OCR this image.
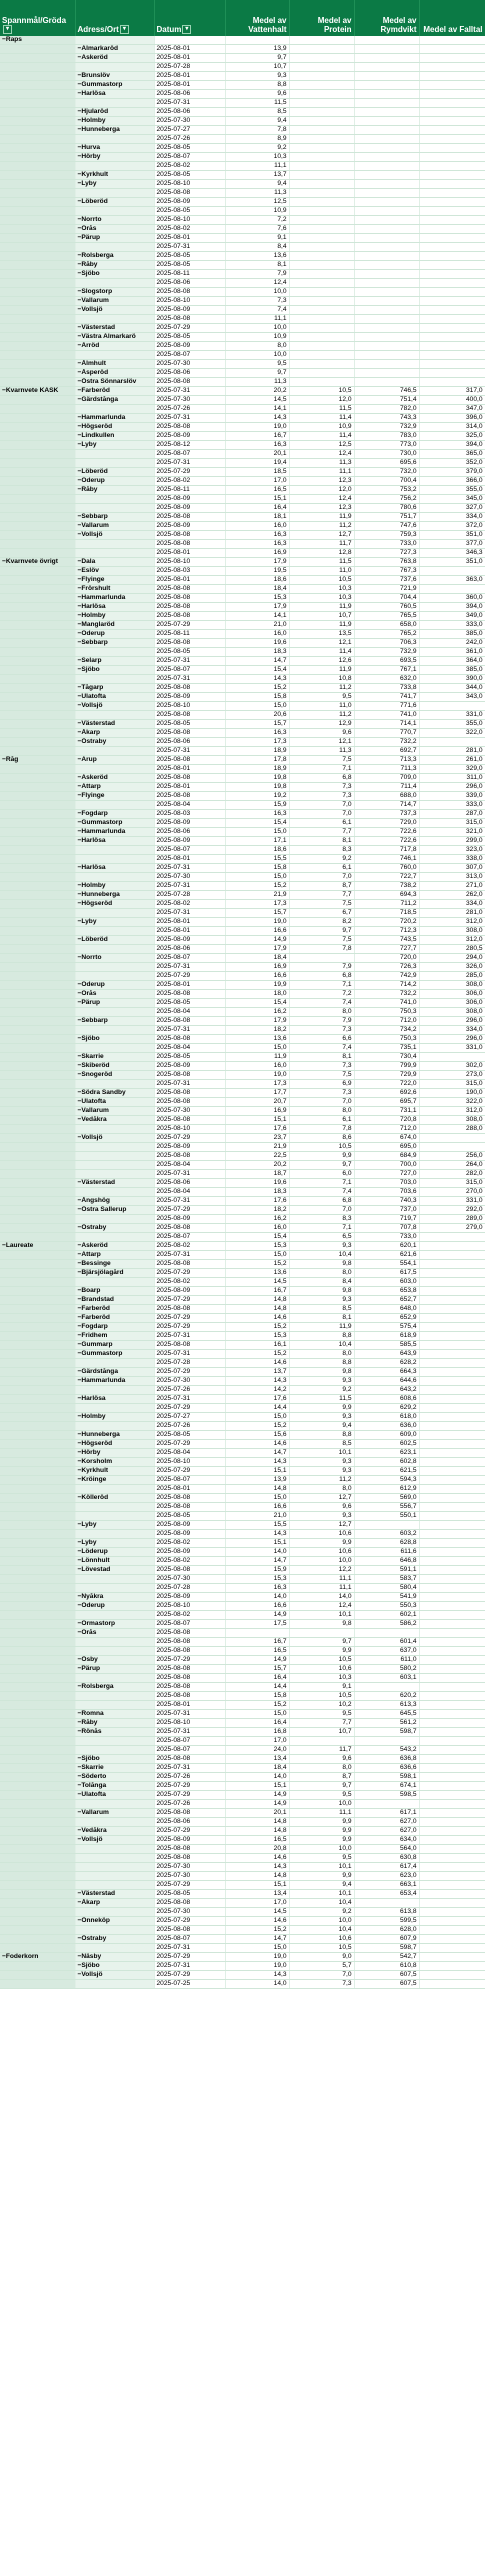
Spannmål/Gröda▾	Adress/Ort ▾	Datum ▾	Medel av Vattenhalt	Medel av Protein	Medel av Rymdvikt	Medel av Falltal
−Raps						
	−Almarkaröd	2025-08-01	13,9			
	−Askeröd	2025-08-01	9,7			
		2025-07-28	10,7			
	−Brunslöv	2025-08-01	9,3			
	−Gummastorp	2025-08-01	8,8			
	−Harlösa	2025-08-06	9,6			
		2025-07-31	11,5			
	−Hjularöd	2025-08-06	8,5			
	−Holmby	2025-07-30	9,4			
	−Hunneberga	2025-07-27	7,8			
		2025-07-26	8,9			
	−Hurva	2025-08-05	9,2			
	−Hörby	2025-08-07	10,3			
		2025-08-02	11,1			
	−Kyrkhult	2025-08-05	13,7			
	−Lyby	2025-08-10	9,4			
		2025-08-08	11,3			
	−Löberöd	2025-08-09	12,5			
		2025-08-05	10,9			
	−Norrto	2025-08-10	7,2			
	−Orås	2025-08-02	7,6			
	−Pärup	2025-08-01	9,1			
		2025-07-31	8,4			
	−Rolsberga	2025-08-05	13,6			
	−Råby	2025-08-05	8,1			
	−Sjöbo	2025-08-11	7,9			
		2025-08-06	12,4			
	−Slogstorp	2025-08-08	10,0			
	−Vallarum	2025-08-10	7,3			
	−Vollsjö	2025-08-09	7,4			
		2025-08-08	11,1			
	−Västerstad	2025-07-29	10,0			
	−Västra Almarkarö	2025-08-05	10,9			
	−Ärröd	2025-08-09	8,0			
		2025-08-07	10,0			
	−Ålmhult	2025-07-30	9,5			
	−Åsperöd	2025-08-06	9,7			
	−Östra Sönnarslöv	2025-08-08	11,3			
−Kvarnvete KASK	−Farberöd	2025-07-31	20,2	10,5	746,5	317,0
	−Gärdstånga	2025-07-30	14,5	12,0	751,4	400,0
		2025-07-26	14,1	11,5	782,0	347,0
	−Hammarlunda	2025-07-31	14,3	11,4	743,3	396,0
	−Högseröd	2025-08-08	19,0	10,9	732,9	314,0
	−Lindkullen	2025-08-09	16,7	11,4	783,0	325,0
	−Lyby	2025-08-12	16,3	12,5	773,0	394,0
		2025-08-07	20,1	12,4	730,0	365,0
		2025-07-31	19,4	11,3	695,6	352,0
	−Löberöd	2025-07-29	18,5	11,1	732,0	379,0
	−Oderup	2025-08-02	17,0	12,3	700,4	366,0
	−Råby	2025-08-11	16,5	12,0	753,2	355,0
		2025-08-09	15,1	12,4	756,2	345,0
		2025-08-09	16,4	12,3	780,6	327,0
	−Sebbarp	2025-08-08	18,1	11,9	751,7	334,0
	−Vallarum	2025-08-09	16,0	11,2	747,6	372,0
	−Vollsjö	2025-08-08	16,3	12,7	759,3	351,0
		2025-08-08	16,3	11,7	733,0	377,0
		2025-08-01	16,9	12,8	727,3	346,3
−Kvarnvete övrigt	−Dala	2025-08-10	17,9	11,5	763,8	351,0
	−Eslöv	2025-08-03	19,5	11,0	767,3	
	−Flyinge	2025-08-01	18,6	10,5	737,6	363,0
	−Frörshult	2025-08-08	18,4	10,3	721,9	
	−Hammarlunda	2025-08-08	15,3	10,3	704,4	360,0
	−Harlösa	2025-08-08	17,9	11,9	760,5	394,0
	−Holmby	2025-08-08	14,1	10,7	765,5	349,0
	−Manglaröd	2025-07-29	21,0	11,9	658,0	333,0
	−Oderup	2025-08-11	16,0	13,5	765,2	385,0
	−Sebbarp	2025-08-08	19,6	12,1	706,3	242,0
		2025-08-05	18,3	11,4	732,9	361,0
	−Selarp	2025-07-31	14,7	12,6	693,5	364,0
	−Sjöbo	2025-08-07	15,4	11,9	767,1	385,0
		2025-07-31	14,3	10,8	632,0	390,0
	−Tågarp	2025-08-08	15,2	11,2	733,8	344,0
	−Ulatofta	2025-08-09	15,8	9,5	741,7	343,0
	−Vollsjö	2025-08-10	15,0	11,0	771,6	
		2025-08-08	20,6	11,2	741,0	331,0
	−Västerstad	2025-08-05	15,7	12,9	714,1	355,0
	−Åkarp	2025-08-08	16,3	9,6	770,7	322,0
	−Östraby	2025-08-06	17,3	12,1	732,2	
		2025-07-31	18,9	11,3	692,7	281,0
−Råg	−Arup	2025-08-08	17,8	7,5	713,3	261,0
		2025-08-01	18,9	7,1	711,3	329,0
	−Askeröd	2025-08-08	19,8	6,8	709,0	311,0
	−Attarp	2025-08-01	19,8	7,3	711,4	296,0
	−Flyinge	2025-08-08	19,2	7,3	688,0	339,0
		2025-08-04	15,9	7,0	714,7	333,0
	−Fogdarp	2025-08-03	16,3	7,0	737,3	287,0
	−Gummastorp	2025-08-09	15,4	6,1	729,0	315,0
	−Hammarlunda	2025-08-06	15,0	7,7	722,6	321,0
	−Harlösa	2025-08-09	17,1	8,1	722,6	299,0
		2025-08-07	18,6	8,3	717,8	323,0
		2025-08-01	15,5	9,2	746,1	338,0
	−Harlösa	2025-07-31	15,8	6,1	760,0	307,0
		2025-07-30	15,0	7,0	722,7	313,0
	−Holmby	2025-07-31	15,2	8,7	738,2	271,0
	−Hunneberga	2025-07-28	21,9	7,7	694,3	262,0
	−Högseröd	2025-08-02	17,3	7,5	711,2	334,0
		2025-07-31	15,7	6,7	718,5	281,0
	−Lyby	2025-08-01	19,0	8,2	720,2	312,0
		2025-08-01	16,6	9,7	712,3	308,0
	−Löberöd	2025-08-09	14,9	7,5	743,5	312,0
		2025-08-06	17,9	7,8	727,7	280,5
	−Norrto	2025-08-07	18,4		720,0	294,0
		2025-07-31	16,9	7,9	726,3	326,0
		2025-07-29	16,6	6,8	742,9	285,0
	−Oderup	2025-08-01	19,9	7,1	714,2	308,0
	−Orås	2025-08-08	18,0	7,2	732,2	306,0
	−Pärup	2025-08-05	15,4	7,4	741,0	306,0
		2025-08-04	16,2	8,0	750,3	308,0
	−Sebbarp	2025-08-08	17,9	7,9	712,0	296,0
		2025-07-31	18,2	7,3	734,2	334,0
	−Sjöbo	2025-08-08	13,6	6,6	750,3	296,0
		2025-08-04	15,0	7,4	735,1	331,0
	−Skarrie	2025-08-05	11,9	8,1	730,4	
	−Skiberöd	2025-08-09	16,0	7,3	799,9	302,0
	−Snogeröd	2025-08-08	19,0	7,5	729,9	273,0
		2025-07-31	17,3	6,9	722,0	315,0
	−Södra Sandby	2025-08-08	17,7	7,3	692,6	190,0
	−Ulatofta	2025-08-08	20,7	7,0	695,7	322,0
	−Vallarum	2025-07-30	16,9	8,0	731,1	312,0
	−Vedåkra	2025-08-08	15,1	6,1	720,8	308,0
		2025-08-10	17,6	7,8	712,0	288,0
	−Vollsjö	2025-07-29	23,7	8,6	674,0	
		2025-08-09	21,9	10,5	695,0	
		2025-08-08	22,5	9,9	684,9	256,0
		2025-08-04	20,2	9,7	700,0	264,0
		2025-07-31	18,7	6,0	727,0	282,0
	−Västerstad	2025-08-06	19,6	7,1	703,0	315,0
		2025-08-04	18,3	7,4	703,6	270,0
	−Ångshög	2025-07-31	17,6	6,8	740,3	331,0
	−Östra Sallerup	2025-07-29	18,2	7,0	737,0	292,0
		2025-08-09	16,2	8,3	719,7	289,0
	−Östraby	2025-08-08	16,0	7,1	707,8	279,0
		2025-08-07	15,4	6,5	733,0	
−Laureate	−Askeröd	2025-08-02	15,3	9,3	620,1	
	−Attarp	2025-07-31	15,0	10,4	621,6	
	−Bessinge	2025-08-08	15,2	9,8	554,1	
	−Bjärsjölagård	2025-07-29	13,6	8,0	617,5	
		2025-08-02	14,5	8,4	603,0	
	−Boarp	2025-08-09	16,7	9,8	653,8	
	−Brandstad	2025-07-29	14,8	9,3	652,7	
	−Farberöd	2025-08-08	14,8	8,5	648,0	
	−Farberöd	2025-07-29	14,6	8,1	652,9	
	−Fogdarp	2025-07-29	15,2	11,9	575,4	
	−Fridhem	2025-07-31	15,3	8,8	618,9	
	−Gummarp	2025-08-08	16,1	10,4	585,5	
	−Gummastorp	2025-07-31	15,2	8,0	643,9	
		2025-07-28	14,6	8,8	628,2	
	−Gärdstånga	2025-07-29	13,7	9,8	664,3	
	−Hammarlunda	2025-07-30	14,3	9,3	644,6	
		2025-07-26	14,2	9,2	643,2	
	−Harlösa	2025-07-31	17,6	11,5	608,6	
		2025-07-29	14,4	9,9	629,2	
	−Holmby	2025-07-27	15,0	9,3	618,0	
		2025-07-26	15,2	9,4	636,0	
	−Hunneberga	2025-08-05	15,6	8,8	609,0	
	−Högseröd	2025-07-29	14,6	8,5	602,5	
	−Hörby	2025-08-04	14,7	10,1	623,1	
	−Korsholm	2025-08-10	14,3	9,3	602,8	
	−Kyrkhult	2025-07-29	15,1	9,3	621,5	
	−Kröinge	2025-08-07	13,9	11,2	594,3	
		2025-08-01	14,8	8,0	612,9	
	−Kölleröd	2025-08-08	15,0	12,7	569,0	
		2025-08-08	16,6	9,6	556,7	
		2025-08-05	21,0	9,3	550,1	
	−Lyby	2025-08-09	15,5	12,7		
		2025-08-09	14,3	10,6	603,2	
	−Lyby	2025-08-02	15,1	9,9	628,8	
	−Löderup	2025-08-09	14,0	10,6	611,6	
	−Lönnhult	2025-08-02	14,7	10,0	646,8	
	−Lövestad	2025-08-08	15,9	12,2	591,1	
		2025-07-30	15,3	11,1	583,7	
		2025-07-28	16,3	11,1	580,4	
	−Nyåkra	2025-08-09	14,0	14,0	541,9	
	−Oderup	2025-08-10	16,6	12,4	550,3	
		2025-08-02	14,9	10,1	602,1	
	−Ormastorp	2025-08-07	17,5	9,8	586,2	
	−Orås	2025-08-08				
		2025-08-08	16,7	9,7	601,4	
		2025-08-08	16,5	9,9	637,0	
	−Ösby	2025-07-29	14,9	10,5	611,0	
	−Pärup	2025-08-08	15,7	10,6	580,2	
		2025-08-08	16,4	10,3	603,1	
	−Rolsberga	2025-08-08	14,4	9,1		
		2025-08-08	15,8	10,5	620,2	
		2025-08-01	15,2	10,2	613,3	
	−Romna	2025-07-31	15,0	9,5	645,5	
	−Råby	2025-08-10	16,4	7,7	561,2	
	−Rönås	2025-07-31	16,8	10,7	598,7	
		2025-08-07	17,0			
		2025-08-07	24,0	11,7	543,2	
	−Sjöbo	2025-08-08	13,4	9,6	636,8	
	−Skarrie	2025-07-31	18,4	8,0	636,6	
	−Söderto	2025-07-26	14,0	8,7	598,1	
	−Tolånga	2025-07-29	15,1	9,7	674,1	
	−Ulatofta	2025-07-29	14,9	9,5	598,5	
		2025-07-26	14,9	10,0		
	−Vallarum	2025-08-08	20,1	11,1	617,1	
		2025-08-06	14,8	9,9	627,0	
	−Vedåkra	2025-07-29	14,8	9,9	627,0	
	−Vollsjö	2025-08-09	16,5	9,9	634,0	
		2025-08-08	20,8	10,0	564,0	
		2025-08-08	14,6	9,5	630,8	
		2025-07-30	14,3	10,1	617,4	
		2025-07-30	14,8	9,9	623,0	
		2025-07-29	15,1	9,4	663,1	
	−Västerstad	2025-08-05	13,4	10,1	653,4	
	−Åkarp	2025-08-08	17,0	10,4		
		2025-07-30	14,5	9,2	613,8	
	−Önneköp	2025-07-29	14,6	10,0	599,5	
		2025-08-08	15,2	10,4	628,0	
	−Östraby	2025-08-07	14,7	10,6	607,9	
		2025-07-31	15,0	10,5	598,7	
−Foderkorn	−Näsby	2025-07-29	19,0	9,0	542,7	
	−Sjöbo	2025-07-31	19,0	5,7	610,8	
	−Vollsjö	2025-07-29	14,3	7,0	607,5	
		2025-07-25	14,0	7,3	607,5	
